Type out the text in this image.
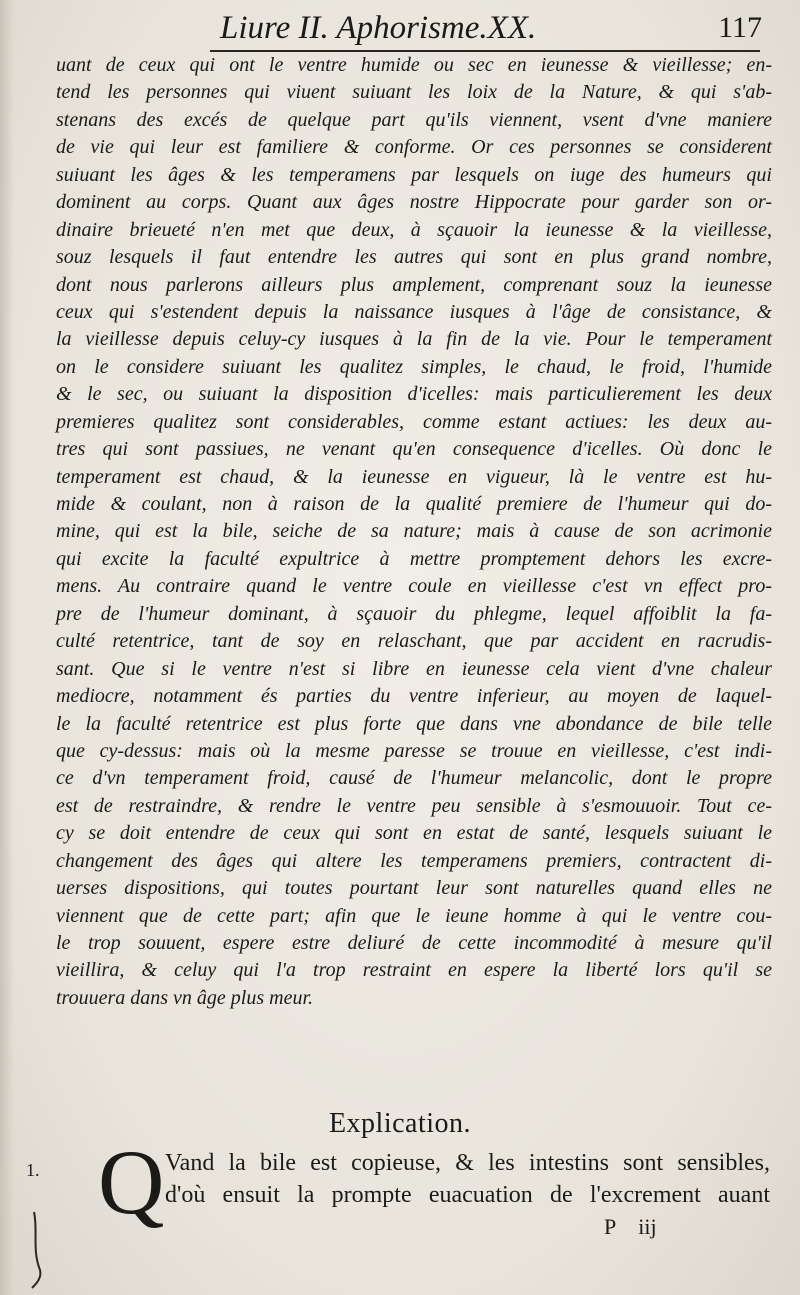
Liure II. Aphorisme.XX.	117
uant de ceux qui ont le ventre humide ou sec en ieunesse & vieillesse; en-
tend les personnes qui viuent suiuant les loix de la Nature, & qui s'ab-
stenans des excés de quelque part qu'ils viennent, vsent d'vne maniere
de vie qui leur est familiere & conforme. Or ces personnes se considerent
suiuant les âges & les temperamens par lesquels on iuge des humeurs qui
dominent au corps. Quant aux âges nostre Hippocrate pour garder son or-
dinaire brieueté n'en met que deux, à sçauoir la ieunesse & la vieillesse,
souz lesquels il faut entendre les autres qui sont en plus grand nombre,
dont nous parlerons ailleurs plus amplement, comprenant souz la ieunesse
ceux qui s'estendent depuis la naissance iusques à l'âge de consistance, &
la vieillesse depuis celuy-cy iusques à la fin de la vie. Pour le temperament
on le considere suiuant les qualitez simples, le chaud, le froid, l'humide
& le sec, ou suiuant la disposition d'icelles: mais particulierement les deux
premieres qualitez sont considerables, comme estant actiues: les deux au-
tres qui sont passiues, ne venant qu'en consequence d'icelles. Où donc le
temperament est chaud, & la ieunesse en vigueur, là le ventre est hu-
mide & coulant, non à raison de la qualité premiere de l'humeur qui do-
mine, qui est la bile, seiche de sa nature; mais à cause de son acrimonie
qui excite la faculté expultrice à mettre promptement dehors les excre-
mens. Au contraire quand le ventre coule en vieillesse c'est vn effect pro-
pre de l'humeur dominant, à sçauoir du phlegme, lequel affoiblit la fa-
culté retentrice, tant de soy en relaschant, que par accident en racrudis-
sant. Que si le ventre n'est si libre en ieunesse cela vient d'vne chaleur
mediocre, notamment és parties du ventre inferieur, au moyen de laquel-
le la faculté retentrice est plus forte que dans vne abondance de bile telle
que cy-dessus: mais où la mesme paresse se trouue en vieillesse, c'est indi-
ce d'vn temperament froid, causé de l'humeur melancolic, dont le propre
est de restraindre, & rendre le ventre peu sensible à s'esmouuoir. Tout ce-
cy se doit entendre de ceux qui sont en estat de santé, lesquels suiuant le
changement des âges qui altere les temperamens premiers, contractent di-
uerses dispositions, qui toutes pourtant leur sont naturelles quand elles ne
viennent que de cette part; afin que le ieune homme à qui le ventre cou-
le trop souuent, espere estre deliuré de cette incommodité à mesure qu'il
vieillira, & celuy qui l'a trop restraint en espere la liberté lors qu'il se
trouuera dans vn âge plus meur.
Explication.
1. Q Vand la bile est copieuse, & les intestins sont sensibles,
d'où ensuit la prompte euacuation de l'excrement auant
P iij
